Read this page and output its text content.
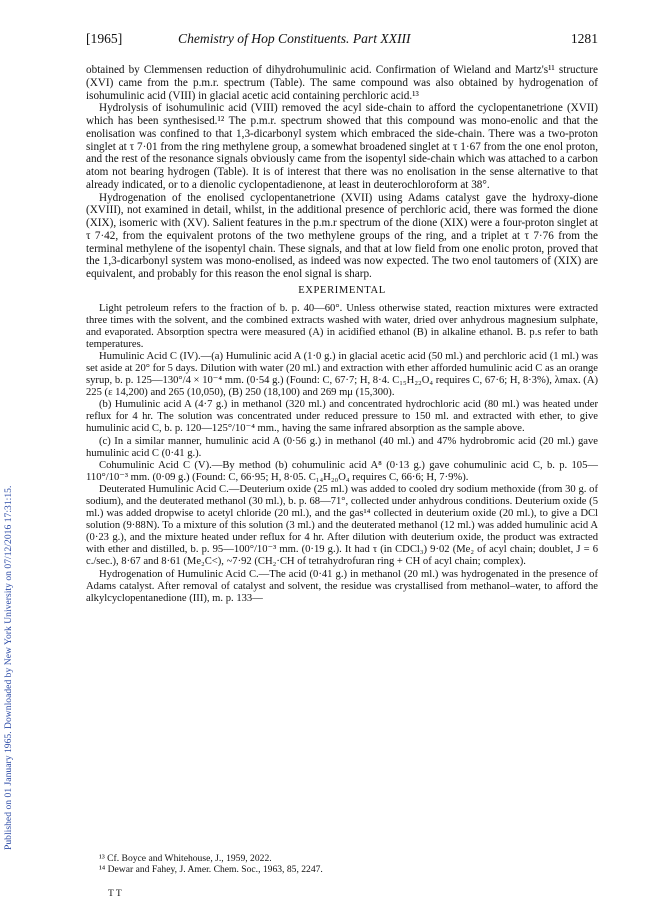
Published on 01 January 1965. Downloaded by New York University on 07/12/2016 17:31:15.
[1965]	Chemistry of Hop Constituents. Part XXIII	1281

obtained by Clemmensen reduction of dihydrohumulinic acid. Confirmation of Wieland and Martz's¹¹ structure (XVI) came from the p.m.r. spectrum (Table). The same compound was also obtained by hydrogenation of isohumulinic acid (VIII) in glacial acetic acid containing perchloric acid.¹³

Hydrolysis of isohumulinic acid (VIII) removed the acyl side-chain to afford the cyclopentanetrione (XVII) which has been synthesised.¹² The p.m.r. spectrum showed that this compound was mono-enolic and that the enolisation was confined to that 1,3-dicarbonyl system which embraced the side-chain. There was a two-proton singlet at τ 7·01 from the ring methylene group, a somewhat broadened singlet at τ 1·67 from the one enol proton, and the rest of the resonance signals obviously came from the isopentyl side-chain which was attached to a carbon atom not bearing hydrogen (Table). It is of interest that there was no enolisation in the sense alternative to that already indicated, or to a dienolic cyclopentadienone, at least in deuterochloroform at 38°.

Hydrogenation of the enolised cyclopentanetrione (XVII) using Adams catalyst gave the hydroxy-dione (XVIII), not examined in detail, whilst, in the additional presence of perchloric acid, there was formed the dione (XIX), isomeric with (XV). Salient features in the p.m.r spectrum of the dione (XIX) were a four-proton singlet at τ 7·42, from the equivalent protons of the two methylene groups of the ring, and a triplet at τ 7·76 from the terminal methylene of the isopentyl chain. These signals, and that at low field from one enolic proton, proved that the 1,3-dicarbonyl system was mono-enolised, as indeed was now expected. The two enol tautomers of (XIX) are equivalent, and probably for this reason the enol signal is sharp.

EXPERIMENTAL

Light petroleum refers to the fraction of b. p. 40—60°. Unless otherwise stated, reaction mixtures were extracted three times with the solvent, and the combined extracts washed with water, dried over anhydrous magnesium sulphate, and evaporated. Absorption spectra were measured (A) in acidified ethanol (B) in alkaline ethanol. B. p.s refer to bath temperatures.

Humulinic Acid C (IV).—(a) Humulinic acid A (1·0 g.) in glacial acetic acid (50 ml.) and perchloric acid (1 ml.) was set aside at 20° for 5 days. Dilution with water (20 ml.) and extraction with ether afforded humulinic acid C as an orange syrup, b. p. 125—130°/4 × 10⁻⁴ mm. (0·54 g.) (Found: C, 67·7; H, 8·4. C₁₅H₂₂O₄ requires C, 67·6; H, 8·3%), λmax. (A) 225 (ε 14,200) and 265 (10,050), (B) 250 (18,100) and 269 mμ (15,300).

(b) Humulinic acid A (4·7 g.) in methanol (320 ml.) and concentrated hydrochloric acid (80 ml.) was heated under reflux for 4 hr. The solution was concentrated under reduced pressure to 150 ml. and extracted with ether, to give humulinic acid C, b. p. 120—125°/10⁻⁴ mm., having the same infrared absorption as the sample above.

(c) In a similar manner, humulinic acid A (0·56 g.) in methanol (40 ml.) and 47% hydrobromic acid (20 ml.) gave humulinic acid C (0·41 g.).

Cohumulinic Acid C (V).—By method (b) cohumulinic acid A⁸ (0·13 g.) gave cohumulinic acid C, b. p. 105—110°/10⁻³ mm. (0·09 g.) (Found: C, 66·95; H, 8·05. C₁₄H₂₀O₄ requires C, 66·6; H, 7·9%).

Deuterated Humulinic Acid C.—Deuterium oxide (25 ml.) was added to cooled dry sodium methoxide (from 30 g. of sodium), and the deuterated methanol (30 ml.), b. p. 68—71°, collected under anhydrous conditions. Deuterium oxide (5 ml.) was added dropwise to acetyl chloride (20 ml.), and the gas¹⁴ collected in deuterium oxide (20 ml.), to give a DCl solution (9·88N). To a mixture of this solution (3 ml.) and the deuterated methanol (12 ml.) was added humulinic acid A (0·23 g.), and the mixture heated under reflux for 4 hr. After dilution with deuterium oxide, the product was extracted with ether and distilled, b. p. 95—100°/10⁻³ mm. (0·19 g.). It had τ (in CDCl₃) 9·02 (Me₂ of acyl chain; doublet, J = 6 c./sec.), 8·67 and 8·61 (Me₂C<), ~7·92 (CH₂·CH of tetrahydrofuran ring + CH of acyl chain; complex).

Hydrogenation of Humulinic Acid C.—The acid (0·41 g.) in methanol (20 ml.) was hydrogenated in the presence of Adams catalyst. After removal of catalyst and solvent, the residue was crystallised from methanol–water, to afford the alkylcyclopentanedione (III), m. p. 133—

¹³ Cf. Boyce and Whitehouse, J., 1959, 2022.
¹⁴ Dewar and Fahey, J. Amer. Chem. Soc., 1963, 85, 2247.
T T
